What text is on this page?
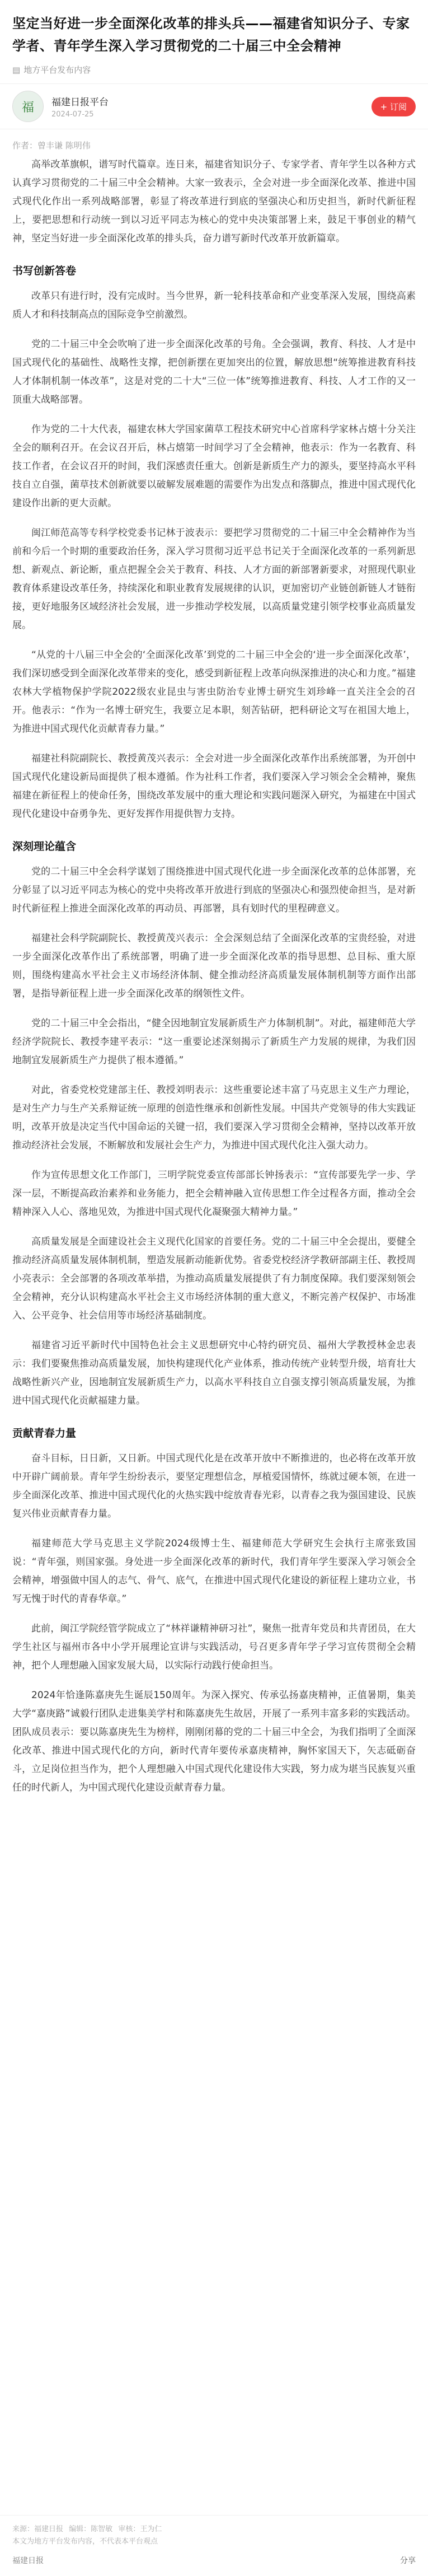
坚定当好进一步全面深化改革的排头兵——福建省知识分子、专家学者、青年学生深入学习贯彻党的二十届三中全会精神
▤ 地方平台发布内容
福	福建日报平台
2024-07-25
+ 订阅
作者：曾丰谦 陈明伟

高举改革旗帜，谱写时代篇章。连日来，福建省知识分子、专家学者、青年学生以各种方式认真学习贯彻党的二十届三中全会精神。大家一致表示，全会对进一步全面深化改革、推进中国式现代化作出一系列战略部署，彰显了将改革进行到底的坚强决心和历史担当，新时代新征程上，要把思想和行动统一到以习近平同志为核心的党中央决策部署上来，鼓足干事创业的精气神，坚定当好进一步全面深化改革的排头兵，奋力谱写新时代改革开放新篇章。

书写创新答卷

改革只有进行时，没有完成时。当今世界，新一轮科技革命和产业变革深入发展，围绕高素质人才和科技制高点的国际竞争空前激烈。

党的二十届三中全会吹响了进一步全面深化改革的号角。全会强调，教育、科技、人才是中国式现代化的基础性、战略性支撑，把创新摆在更加突出的位置，解放思想“统筹推进教育科技人才体制机制一体改革”，这是对党的二十大“三位一体”统筹推进教育、科技、人才工作的又一顶重大战略部署。

作为党的二十大代表，福建农林大学国家菌草工程技术研究中心首席科学家林占熺十分关注全会的顺利召开。在会议召开后，林占熺第一时间学习了全会精神，他表示：作为一名教育、科技工作者，在会议召开的时间，我们深感责任重大。创新是新质生产力的源头，要坚持高水平科技自立自强，菌草技术创新就要以破解发展难题的需要作为出发点和落脚点，推进中国式现代化建设作出新的更大贡献。

闽江师范高等专科学校党委书记林于波表示：要把学习贯彻党的二十届三中全会精神作为当前和今后一个时期的重要政治任务，深入学习贯彻习近平总书记关于全面深化改革的一系列新思想、新观点、新论断，重点把握全会关于教育、科技、人才方面的新部署新要求，对照现代职业教育体系建设改革任务，持续深化和职业教育发展规律的认识，更加密切产业链创新链人才链衔接，更好地服务区域经济社会发展，进一步推动学校发展，以高质量党建引领学校事业高质量发展。

“从党的十八届三中全会的‘全面深化改革’到党的二十届三中全会的‘进一步全面深化改革’，我们深切感受到全面深化改革带来的变化，感受到新征程上改革向纵深推进的决心和力度。”福建农林大学植物保护学院2022级农业昆虫与害虫防治专业博士研究生刘珍峰一直关注全会的召开。他表示：“作为一名博士研究生，我要立足本职，刻苦钻研，把科研论文写在祖国大地上，为推进中国式现代化贡献青春力量。”

福建社科院副院长、教授黄茂兴表示：全会对进一步全面深化改革作出系统部署，为开创中国式现代化建设新局面提供了根本遵循。作为社科工作者，我们要深入学习领会全会精神，聚焦福建在新征程上的使命任务，围绕改革发展中的重大理论和实践问题深入研究，为福建在中国式现代化建设中奋勇争先、更好发挥作用提供智力支持。

深刻理论蕴含

党的二十届三中全会科学谋划了围绕推进中国式现代化进一步全面深化改革的总体部署，充分彰显了以习近平同志为核心的党中央将改革开放进行到底的坚强决心和强烈使命担当，是对新时代新征程上推进全面深化改革的再动员、再部署，具有划时代的里程碑意义。

福建社会科学院副院长、教授黄茂兴表示：全会深刻总结了全面深化改革的宝贵经验，对进一步全面深化改革作出了系统部署，明确了进一步全面深化改革的指导思想、总目标、重大原则，围绕构建高水平社会主义市场经济体制、健全推动经济高质量发展体制机制等方面作出部署，是指导新征程上进一步全面深化改革的纲领性文件。

党的二十届三中全会指出，“健全因地制宜发展新质生产力体制机制”。对此，福建师范大学经济学院院长、教授李建平表示：“这一重要论述深刻揭示了新质生产力发展的规律，为我们因地制宜发展新质生产力提供了根本遵循。”

对此，省委党校党建部主任、教授刘明表示：这些重要论述丰富了马克思主义生产力理论，是对生产力与生产关系辩证统一原理的创造性继承和创新性发展。中国共产党领导的伟大实践证明，改革开放是决定当代中国命运的关键一招，我们要深入学习贯彻全会精神，坚持以改革开放推动经济社会发展，不断解放和发展社会生产力，为推进中国式现代化注入强大动力。

作为宣传思想文化工作部门，三明学院党委宣传部部长钟扬表示：“宣传部要先学一步、学深一层，不断提高政治素养和业务能力，把全会精神融入宣传思想工作全过程各方面，推动全会精神深入人心、落地见效，为推进中国式现代化凝聚强大精神力量。”

高质量发展是全面建设社会主义现代化国家的首要任务。党的二十届三中全会提出，要健全推动经济高质量发展体制机制，塑造发展新动能新优势。省委党校经济学教研部副主任、教授周小亮表示：全会部署的各项改革举措，为推动高质量发展提供了有力制度保障。我们要深刻领会全会精神，充分认识构建高水平社会主义市场经济体制的重大意义，不断完善产权保护、市场准入、公平竞争、社会信用等市场经济基础制度。

福建省习近平新时代中国特色社会主义思想研究中心特约研究员、福州大学教授林金忠表示：我们要聚焦推动高质量发展，加快构建现代化产业体系，推动传统产业转型升级，培育壮大战略性新兴产业，因地制宜发展新质生产力，以高水平科技自立自强支撑引领高质量发展，为推进中国式现代化贡献福建力量。

贡献青春力量

奋斗目标，日日新，又日新。中国式现代化是在改革开放中不断推进的，也必将在改革开放中开辟广阔前景。青年学生纷纷表示，要坚定理想信念，厚植爱国情怀，练就过硬本领，在进一步全面深化改革、推进中国式现代化的火热实践中绽放青春光彩，以青春之我为强国建设、民族复兴伟业贡献青春力量。

福建师范大学马克思主义学院2024级博士生、福建师范大学研究生会执行主席张致国说：“青年强，则国家强。身处进一步全面深化改革的新时代，我们青年学生要深入学习领会全会精神，增强做中国人的志气、骨气、底气，在推进中国式现代化建设的新征程上建功立业，书写无愧于时代的青春华章。”

此前，闽江学院经管学院成立了“林祥谦精神研习社”，聚焦一批青年党员和共青团员，在大学生社区与福州市各中小学开展理论宣讲与实践活动，号召更多青年学子学习宣传贯彻全会精神，把个人理想融入国家发展大局，以实际行动践行使命担当。

2024年恰逢陈嘉庚先生诞辰150周年。为深入探究、传承弘扬嘉庚精神，正值暑期，集美大学“嘉庚路”诚毅行团队走进集美学村和陈嘉庚先生故居，开展了一系列丰富多彩的实践活动。团队成员表示：要以陈嘉庚先生为榜样，刚刚闭幕的党的二十届三中全会，为我们指明了全面深化改革、推进中国式现代化的方向，新时代青年要传承嘉庚精神，胸怀家国天下，矢志砥砺奋斗，立足岗位担当作为，把个人理想融入中国式现代化建设伟大实践，努力成为堪当民族复兴重任的时代新人，为中国式现代化建设贡献青春力量。

来源：福建日报 编辑：陈智敏 审核：王为仁
本文为地方平台发布内容，不代表本平台观点
福建日报	分享
